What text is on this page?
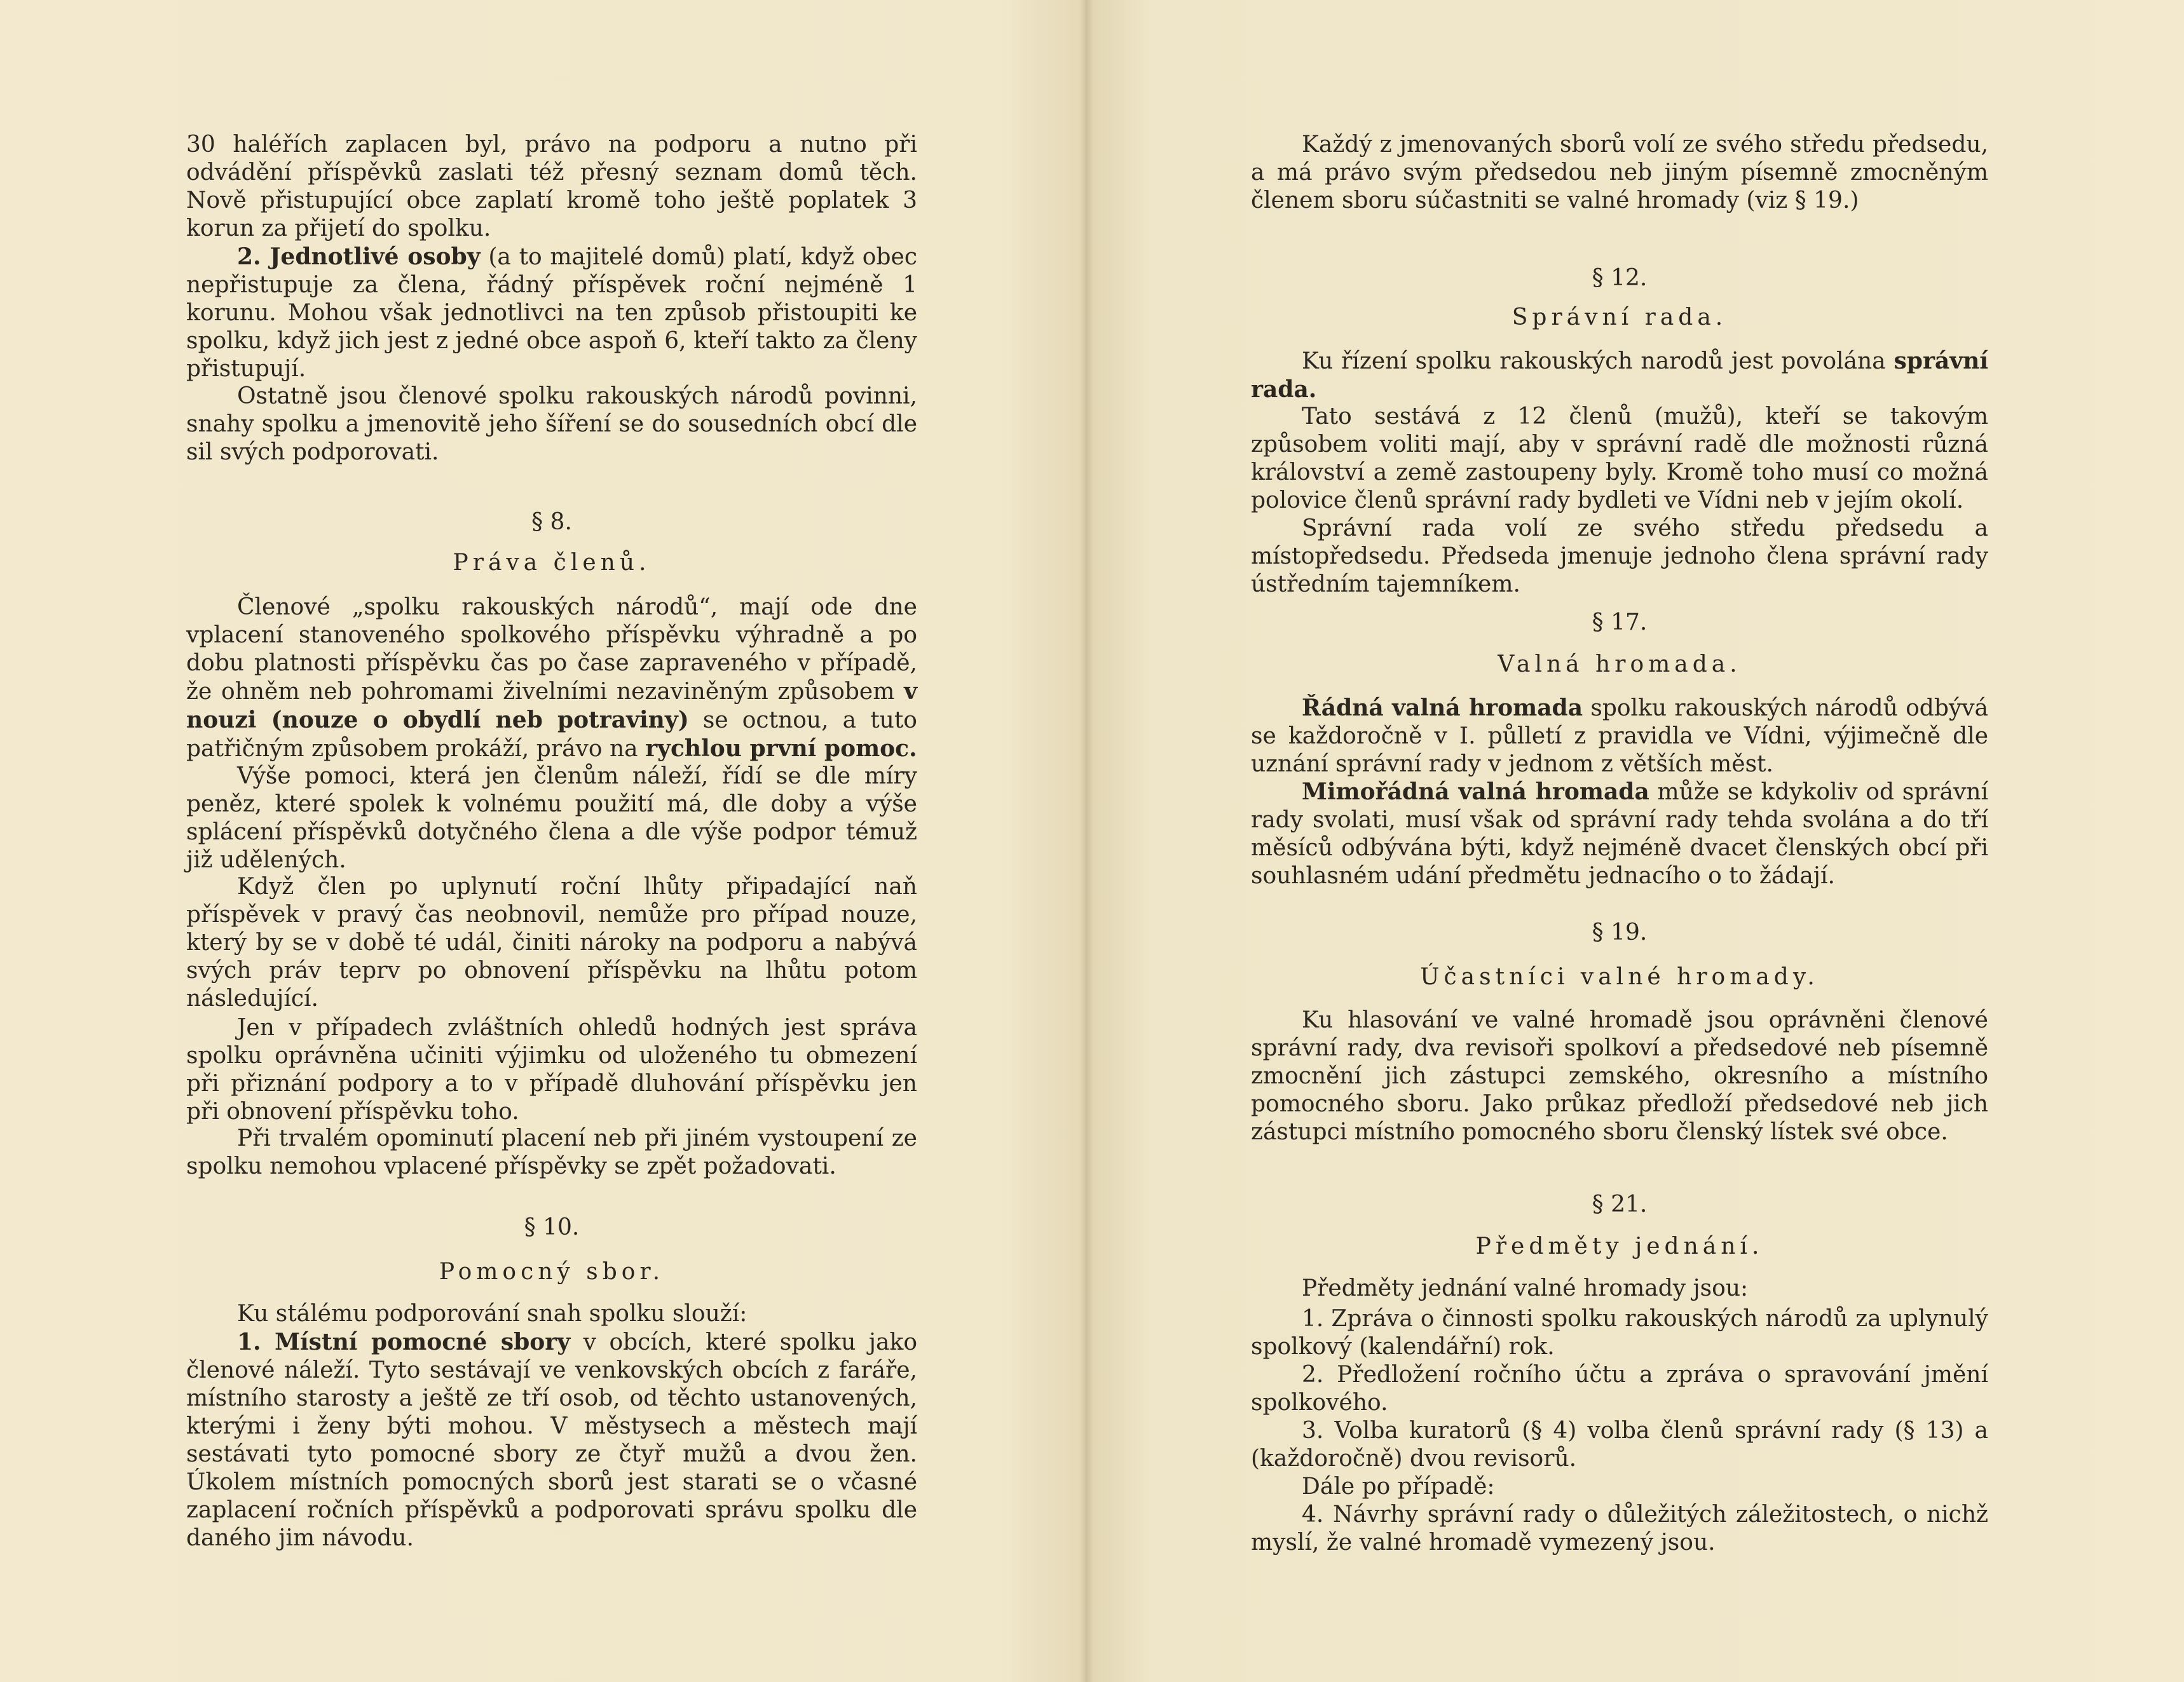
30 haléřích zaplacen byl, právo na podporu a nutno při odvádění příspěvků zaslati též přesný seznam domů těch. Nově přistupující obce zaplatí kromě toho ještě poplatek 3 korun za přijetí do spolku.

2. Jednotlivé osoby (a to majitelé domů) platí, když obec nepřistupuje za člena, řádný příspěvek roční nejméně 1 korunu. Mohou však jednotlivci na ten způsob přistoupiti ke spolku, když jich jest z jedné obce aspoň 6, kteří takto za členy přistupují.

Ostatně jsou členové spolku rakouských národů povinni, snahy spolku a jmenovitě jeho šíření se do sousedních obcí dle sil svých podporovati.

§ 8.

Práva členů.

Členové „spolku rakouských národů“, mají ode dne vplacení stanoveného spolkového příspěvku výhradně a po dobu platnosti příspěvku čas po čase zapraveného v případě, že ohněm neb pohromami živelními nezaviněným způsobem v nouzi (nouze o obydlí neb potraviny) se octnou, a tuto patřičným způsobem prokáží, právo na rychlou první pomoc.

Výše pomoci, která jen členům náleží, řídí se dle míry peněz, které spolek k volnému použití má, dle doby a výše splácení příspěvků dotyčného člena a dle výše podpor témuž již udělených.

Když člen po uplynutí roční lhůty připadající naň příspěvek v pravý čas neobnovil, nemůže pro případ nouze, který by se v době té udál, činiti nároky na podporu a nabývá svých práv teprv po obnovení příspěvku na lhůtu potom následující.

Jen v případech zvláštních ohledů hodných jest správa spolku oprávněna učiniti výjimku od uloženého tu obmezení při přiznání podpory a to v případě dluhování příspěvku jen při obnovení příspěvku toho.

Při trvalém opominutí placení neb při jiném vystoupení ze spolku nemohou vplacené příspěvky se zpět požadovati.

§ 10.

Pomocný sbor.

Ku stálému podporování snah spolku slouží:

1. Místní pomocné sbory v obcích, které spolku jako členové náleží. Tyto sestávají ve venkovských obcích z faráře, místního starosty a ještě ze tří osob, od těchto ustanovených, kterými i ženy býti mohou. V městysech a městech mají sestávati tyto pomocné sbory ze čtyř mužů a dvou žen. Úkolem místních pomocných sborů jest starati se o včasné zaplacení ročních příspěvků a podporovati správu spolku dle daného jim návodu.

Každý z jmenovaných sborů volí ze svého středu předsedu, a má právo svým předsedou neb jiným písemně zmocněným členem sboru súčastniti se valné hromady (viz § 19.)

§ 12.

Správní rada.

Ku řízení spolku rakouských narodů jest povolána správní rada.

Tato sestává z 12 členů (mužů), kteří se takovým způsobem voliti mají, aby v správní radě dle možnosti různá království a země zastoupeny byly. Kromě toho musí co možná polovice členů správní rady bydleti ve Vídni neb v jejím okolí.

Správní rada volí ze svého středu předsedu a místopředsedu. Předseda jmenuje jednoho člena správní rady ústředním tajemníkem.

§ 17.

Valná hromada.

Řádná valná hromada spolku rakouských národů odbývá se každoročně v I. půlletí z pravidla ve Vídni, výjimečně dle uznání správní rady v jednom z větších měst.

Mimořádná valná hromada může se kdykoliv od správní rady svolati, musí však od správní rady tehda svolána a do tří měsíců odbývána býti, když nejméně dvacet členských obcí při souhlasném udání předmětu jednacího o to žádají.

§ 19.

Účastníci valné hromady.

Ku hlasování ve valné hromadě jsou oprávněni členové správní rady, dva revisoři spolkoví a předsedové neb písemně zmocnění jich zástupci zemského, okresního a místního pomocného sboru. Jako průkaz předloží předsedové neb jich zástupci místního pomocného sboru členský lístek své obce.

§ 21.

Předměty jednání.

Předměty jednání valné hromady jsou:

1. Zpráva o činnosti spolku rakouských národů za uplynulý spolkový (kalendářní) rok.

2. Předložení ročního účtu a zpráva o spravování jmění spolkového.

3. Volba kuratorů (§ 4) volba členů správní rady (§ 13) a (každoročně) dvou revisorů.

Dále po případě:

4. Návrhy správní rady o důležitých záležitostech, o nichž myslí, že valné hromadě vymezený jsou.
